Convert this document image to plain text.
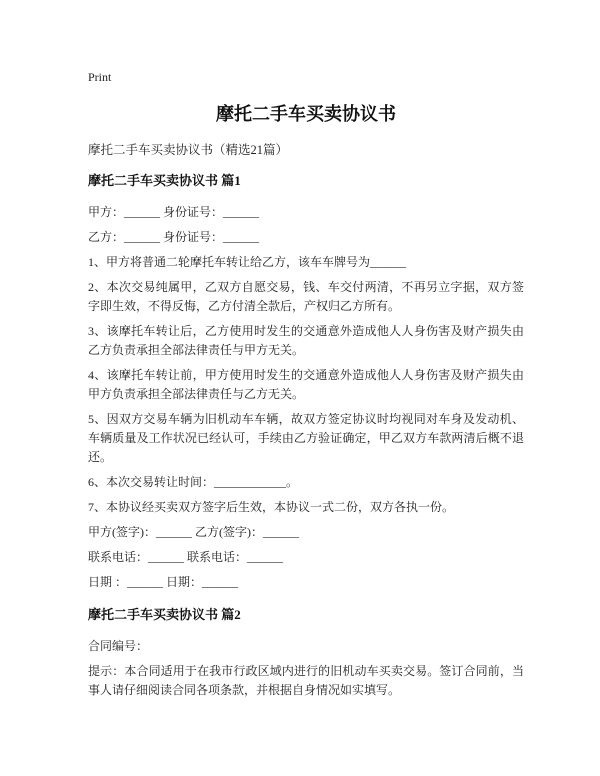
Print
摩托二手车买卖协议书

摩托二手车买卖协议书（精选21篇）

摩托二手车买卖协议书 篇1

甲方：______ 身份证号：______

乙方：______ 身份证号：______

1、甲方将普通二轮摩托车转让给乙方，该车车牌号为______

2、本次交易纯属甲，乙双方自愿交易，钱、车交付两清，不再另立字据，双方签字即生效，不得反悔，乙方付清全款后，产权归乙方所有。

3、该摩托车转让后，乙方使用时发生的交通意外造成他人人身伤害及财产损失由乙方负责承担全部法律责任与甲方无关。

4、该摩托车转让前，甲方使用时发生的交通意外造成他人人身伤害及财产损失由甲方负责承担全部法律责任与乙方无关。

5、因双方交易车辆为旧机动车车辆，故双方签定协议时均视同对车身及发动机、车辆质量及工作状况已经认可，手续由乙方验证确定，甲乙双方车款两清后概不退还。

6、本次交易转让时间：____________。

7、本协议经买卖双方签字后生效，本协议一式二份，双方各执一份。

甲方(签字)：______ 乙方(签字)：______

联系电话：______ 联系电话：______

日期 ：______ 日期：______

摩托二手车买卖协议书 篇2

合同编号：

提示：本合同适用于在我市行政区域内进行的旧机动车买卖交易。签订合同前，当事人请仔细阅读合同各项条款，并根据自身情况如实填写。
